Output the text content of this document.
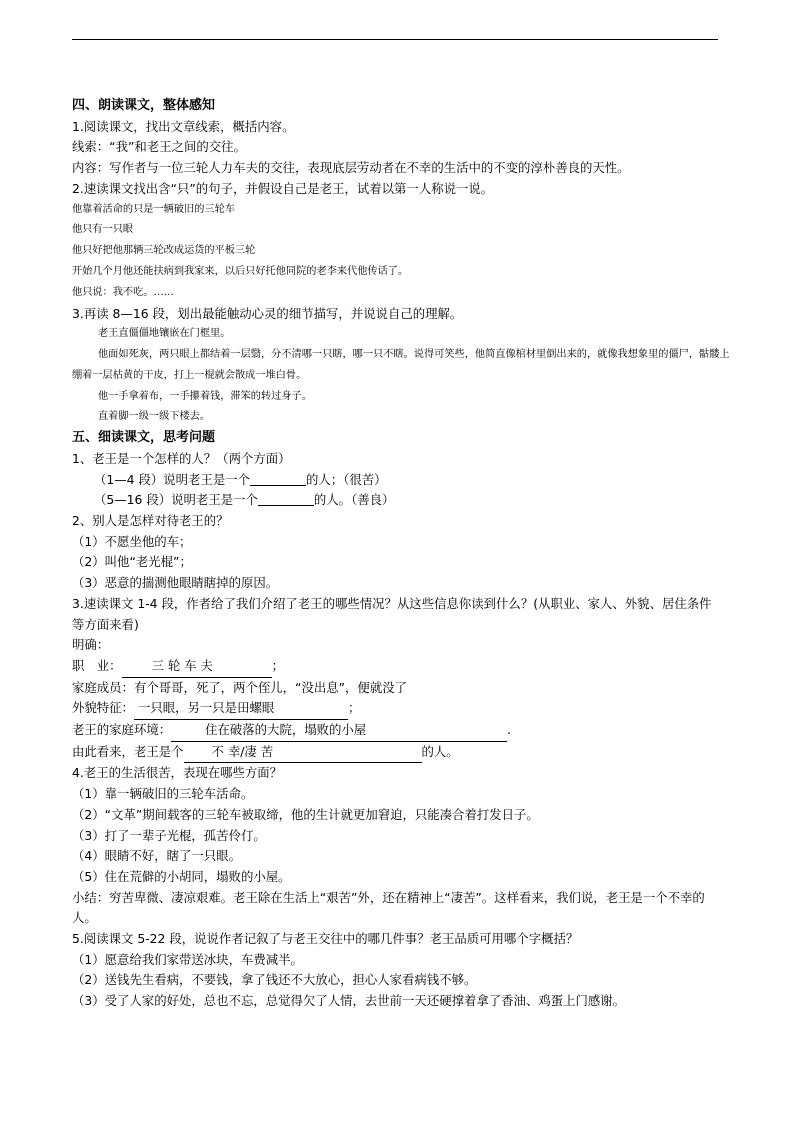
四、朗读课文，整体感知
1.阅读课文，找出文章线索，概括内容。
线索：“我”和老王之间的交往。
内容：写作者与一位三轮人力车夫的交往，表现底层劳动者在不幸的生活中的不变的淳朴善良的天性。
2.速读课文找出含“只”的句子，并假设自己是老王，试着以第一人称说一说。
他靠着活命的只是一辆破旧的三轮车
他只有一只眼
他只好把他那辆三轮改成运货的平板三轮
开始几个月他还能扶病到我家来，以后只好托他同院的老李来代他传话了。
他只说：我不吃。……
3.再读 8—16 段，划出最能触动心灵的细节描写，并说说自己的理解。
老王直僵僵地镶嵌在门框里。
他面如死灰，两只眼上都结着一层翳，分不清哪一只瞎，哪一只不瞎。说得可笑些，他简直像棺材里倒出来的，就像我想象里的僵尸，骷髅上绷着一层枯黄的干皮，打上一棍就会散成一堆白骨。
他一手拿着布，一手攥着钱，滞笨的转过身子。
直着脚一级一级下楼去。
五、细读课文，思考问题
1、老王是一个怎样的人？（两个方面）
（1—4 段）说明老王是一个	的人；（很苦）
（5—16 段）说明老王是一个	的人。（善良）
2、别人是怎样对待老王的？
（1）不愿坐他的车；
（2）叫他“老光棍”；
（3）恶意的揣测他眼睛瞎掉的原因。
3.速读课文 1-4 段，作者给了我们介绍了老王的哪些情况？从这些信息你读到什么？(从职业、家人、外貌、居住条件等方面来看)
明确：
职　业： 三 轮 车 夫	；
家庭成员：有个哥哥，死了，两个侄儿，“没出息”，便就没了
外貌特征： 一只眼，另一只是田螺眼	；
老王的家庭环境：	住在破落的大院，塌败的小屋	.
由此看来，老王是个 不 幸/凄 苦	的人。
4.老王的生活很苦，表现在哪些方面？
（1）靠一辆破旧的三轮车活命。
（2）“文革”期间载客的三轮车被取缔，他的生计就更加窘迫，只能凑合着打发日子。
（3）打了一辈子光棍，孤苦伶仃。
（4）眼睛不好，瞎了一只眼。
（5）住在荒僻的小胡同，塌败的小屋。
小结：穷苦卑微、凄凉艰难。老王除在生活上“艰苦”外，还在精神上“凄苦”。这样看来，我们说，老王是一个不幸的人。
5.阅读课文 5-22 段，说说作者记叙了与老王交往中的哪几件事？老王品质可用哪个字概括？
（1）愿意给我们家带送冰块，车费减半。
（2）送钱先生看病，不要钱，拿了钱还不大放心，担心人家看病钱不够。
（3）受了人家的好处，总也不忘，总觉得欠了人情，去世前一天还硬撑着拿了香油、鸡蛋上门感谢。
